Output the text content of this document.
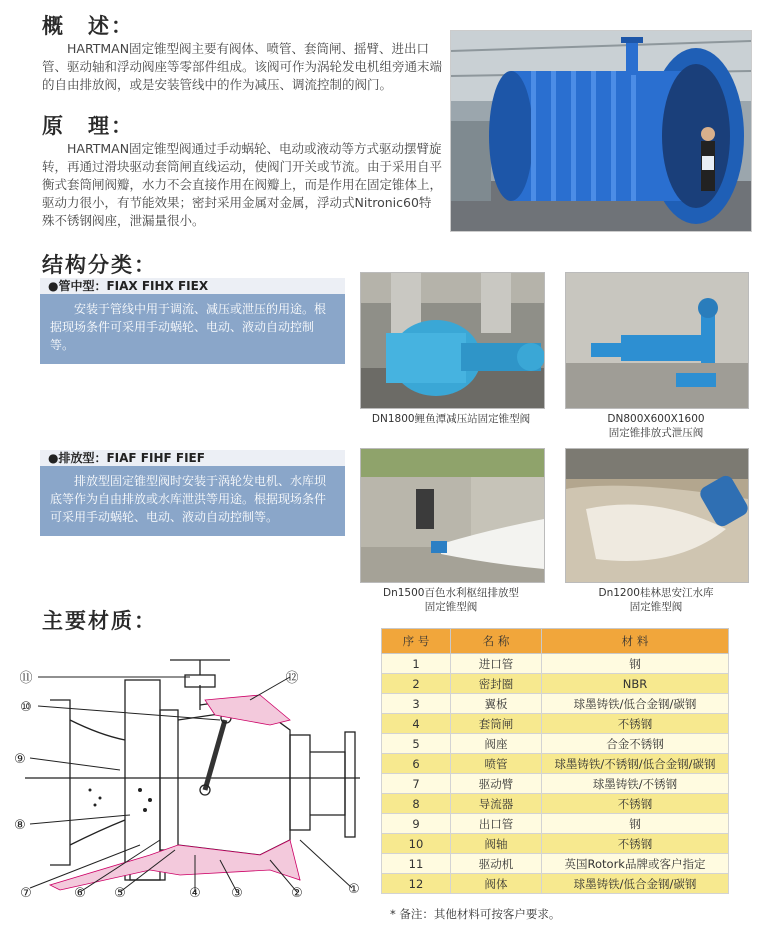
概　述：
HARTMAN固定锥型阀主要有阀体、喷管、套筒闸、摇臂、进出口管、驱动轴和浮动阀座等零部件组成。该阀可作为涡轮发电机组旁通末端的自由排放阀，或是安装管线中的作为减压、调流控制的阀门。
原　理：
HARTMAN固定锥型阀通过手动蜗轮、电动或液动等方式驱动摆臂旋转，再通过滑块驱动套筒闸直线运动，使阀门开关或节流。由于采用自平衡式套筒闸阀瓣，水力不会直接作用在阀瓣上，而是作用在固定锥体上，驱动力很小，有节能效果；密封采用金属对金属，浮动式Nitronic60特殊不锈钢阀座，泄漏量很小。
结构分类：
●管中型：FIAX FIHX FIEX
安装于管线中用于调流、减压或泄压的用途。根据现场条件可采用手动蜗轮、电动、液动自动控制等。
●排放型：FIAF FIHF FIEF
排放型固定锥型阀时安装于涡轮发电机、水库坝底等作为自由排放或水库泄洪等用途。根据现场条件可采用手动蜗轮、电动、液动自动控制等。
DN1800鲤鱼潭减压站固定锥型阀	DN800X600X1600
固定锥排放式泄压阀
Dn1500百色水利枢纽排放型
固定锥型阀
Dn1200桂林思安江水库
固定锥型阀
主要材质：
⑪	⑫
⑩
⑨
⑧
⑦	⑥ ⑤	④ ③	②	①
序 号	名 称	材 料
1	进口管	钢
2	密封圈	NBR
3	翼板	球墨铸铁/低合金钢/碳钢
4	套筒闸	不锈钢
5	阀座	合金不锈钢
6	喷管	球墨铸铁/不锈钢/低合金钢/碳钢
7	驱动臂	球墨铸铁/不锈钢
8	导流器	不锈钢
9	出口管	钢
10	阀轴	不锈钢
11	驱动机	英国Rotork品牌或客户指定
12	阀体	球墨铸铁/低合金钢/碳钢
* 备注：其他材料可按客户要求。
